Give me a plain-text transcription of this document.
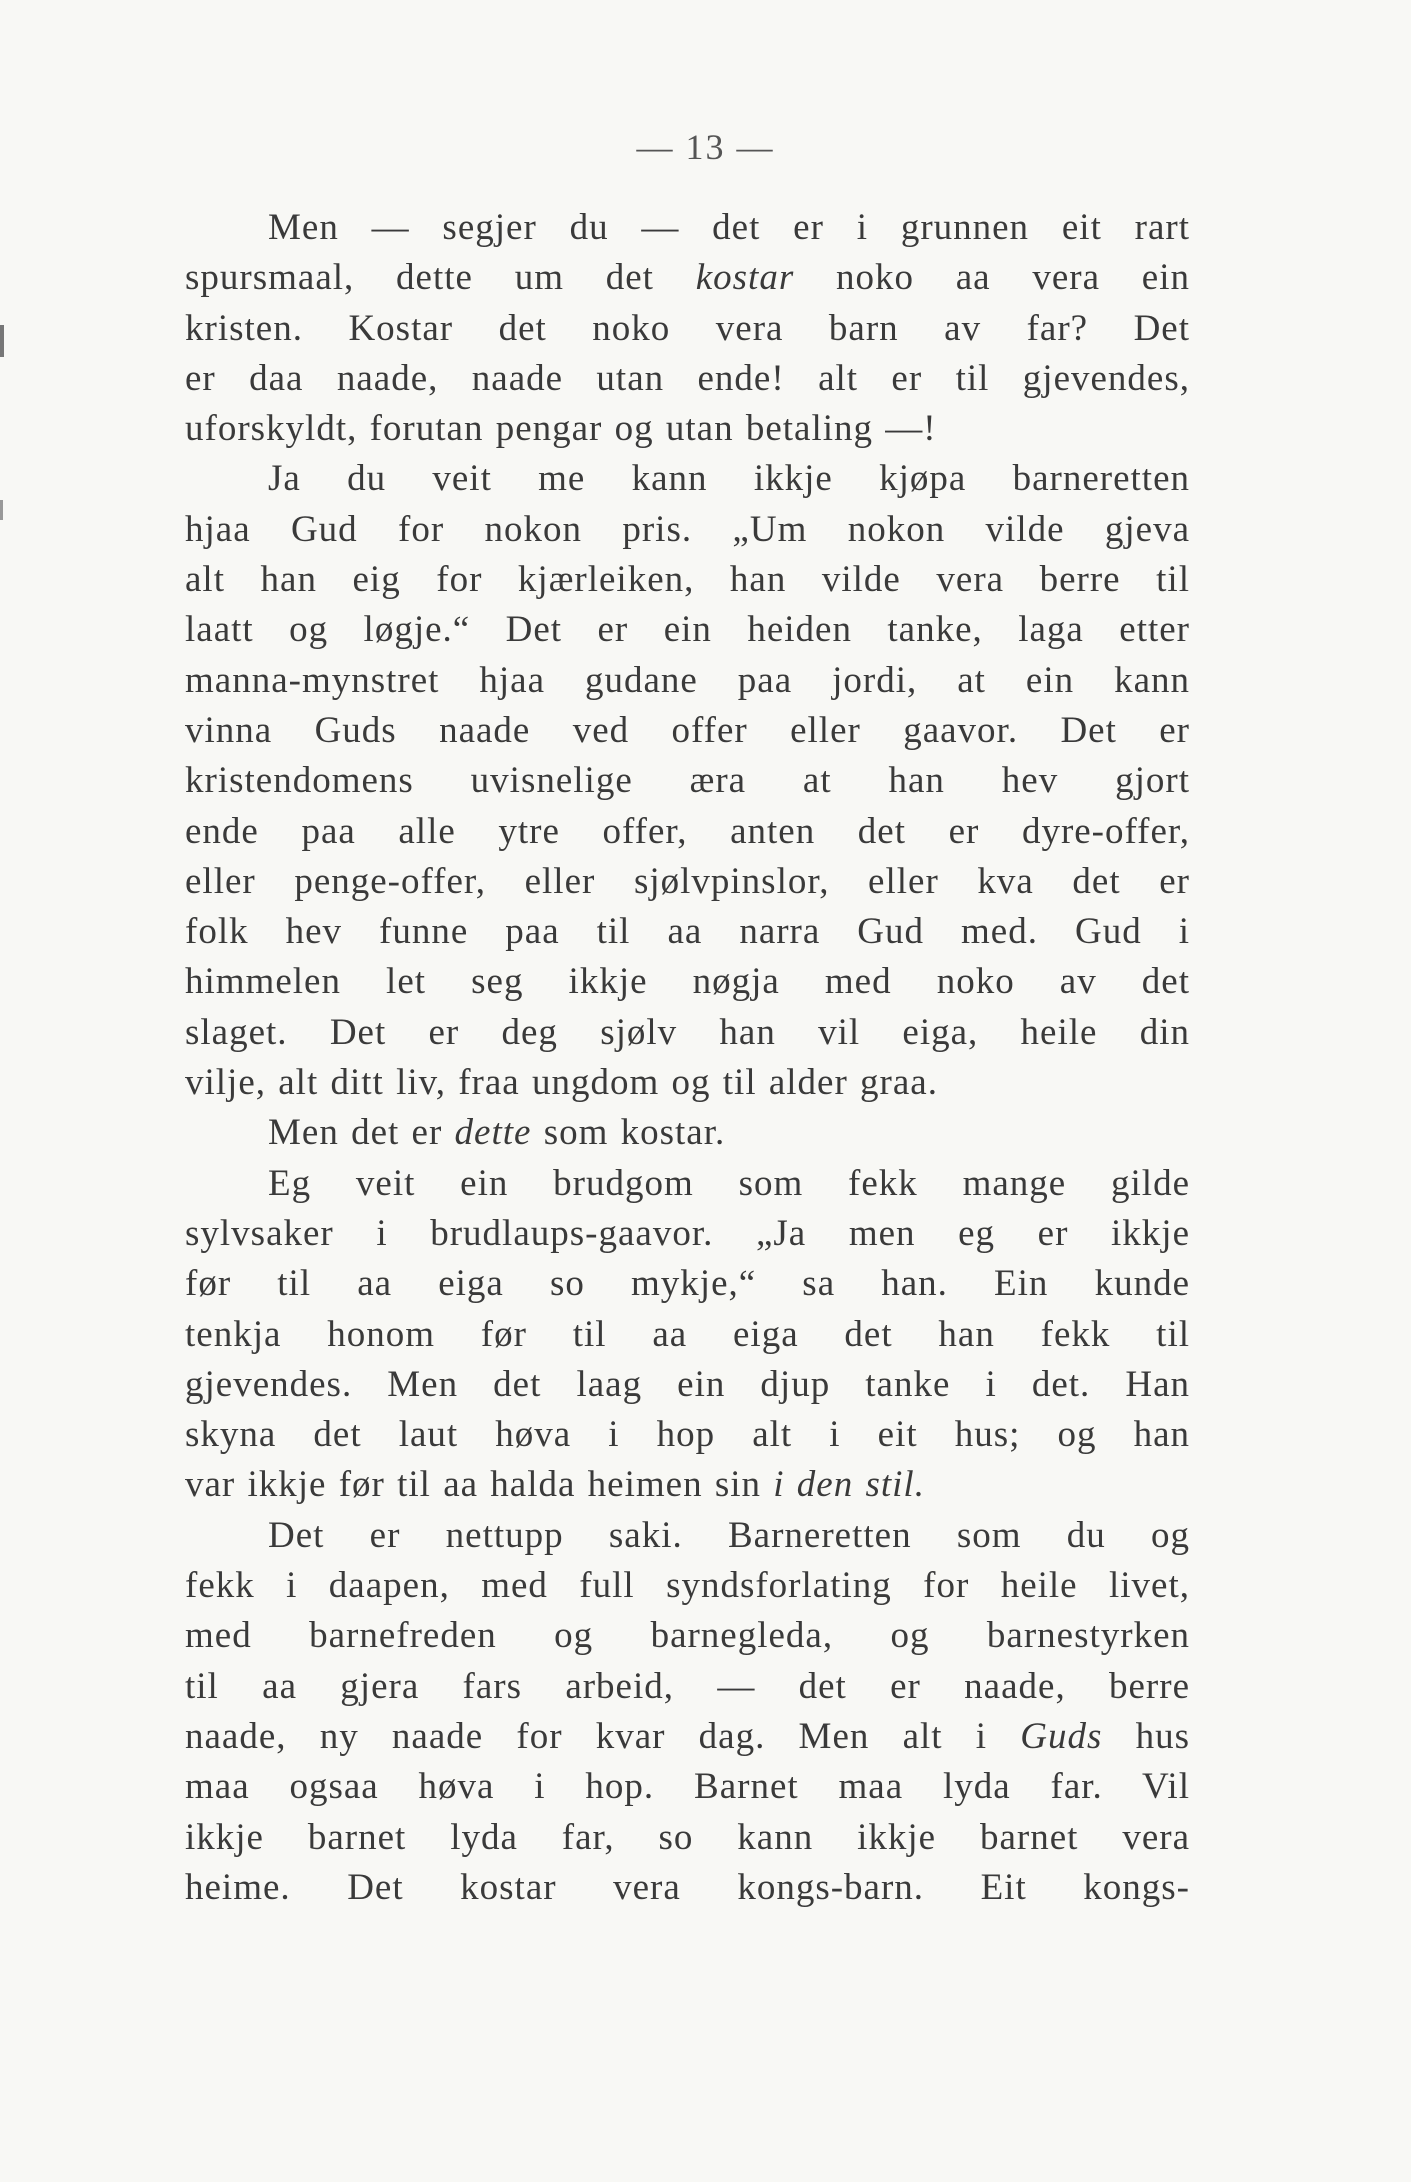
— 13 —
Men — segjer du — det er i grunnen eit rart
spursmaal, dette um det kostar noko aa vera ein
kristen. Kostar det noko vera barn av far? Det
er daa naade, naade utan ende! alt er til gjevendes,
uforskyldt, forutan pengar og utan betaling —!
Ja du veit me kann ikkje kjøpa barneretten
hjaa Gud for nokon pris. „Um nokon vilde gjeva
alt han eig for kjærleiken, han vilde vera berre til
laatt og løgje.“ Det er ein heiden tanke, laga etter
manna-mynstret hjaa gudane paa jordi, at ein kann
vinna Guds naade ved offer eller gaavor. Det er
kristendomens uvisnelige æra at han hev gjort
ende paa alle ytre offer, anten det er dyre-offer,
eller penge-offer, eller sjølvpinslor, eller kva det er
folk hev funne paa til aa narra Gud med. Gud i
himmelen let seg ikkje nøgja med noko av det
slaget. Det er deg sjølv han vil eiga, heile din
vilje, alt ditt liv, fraa ungdom og til alder graa.
Men det er dette som kostar.
Eg veit ein brudgom som fekk mange gilde
sylvsaker i brudlaups-gaavor. „Ja men eg er ikkje
før til aa eiga so mykje,“ sa han. Ein kunde
tenkja honom før til aa eiga det han fekk til
gjevendes. Men det laag ein djup tanke i det. Han
skyna det laut høva i hop alt i eit hus; og han
var ikkje før til aa halda heimen sin i den stil.
Det er nettupp saki. Barneretten som du og
fekk i daapen, med full syndsforlating for heile livet,
med barnefreden og barnegleda, og barnestyrken
til aa gjera fars arbeid, — det er naade, berre
naade, ny naade for kvar dag. Men alt i Guds hus
maa ogsaa høva i hop. Barnet maa lyda far. Vil
ikkje barnet lyda far, so kann ikkje barnet vera
heime. Det kostar vera kongs-barn. Eit kongs-
